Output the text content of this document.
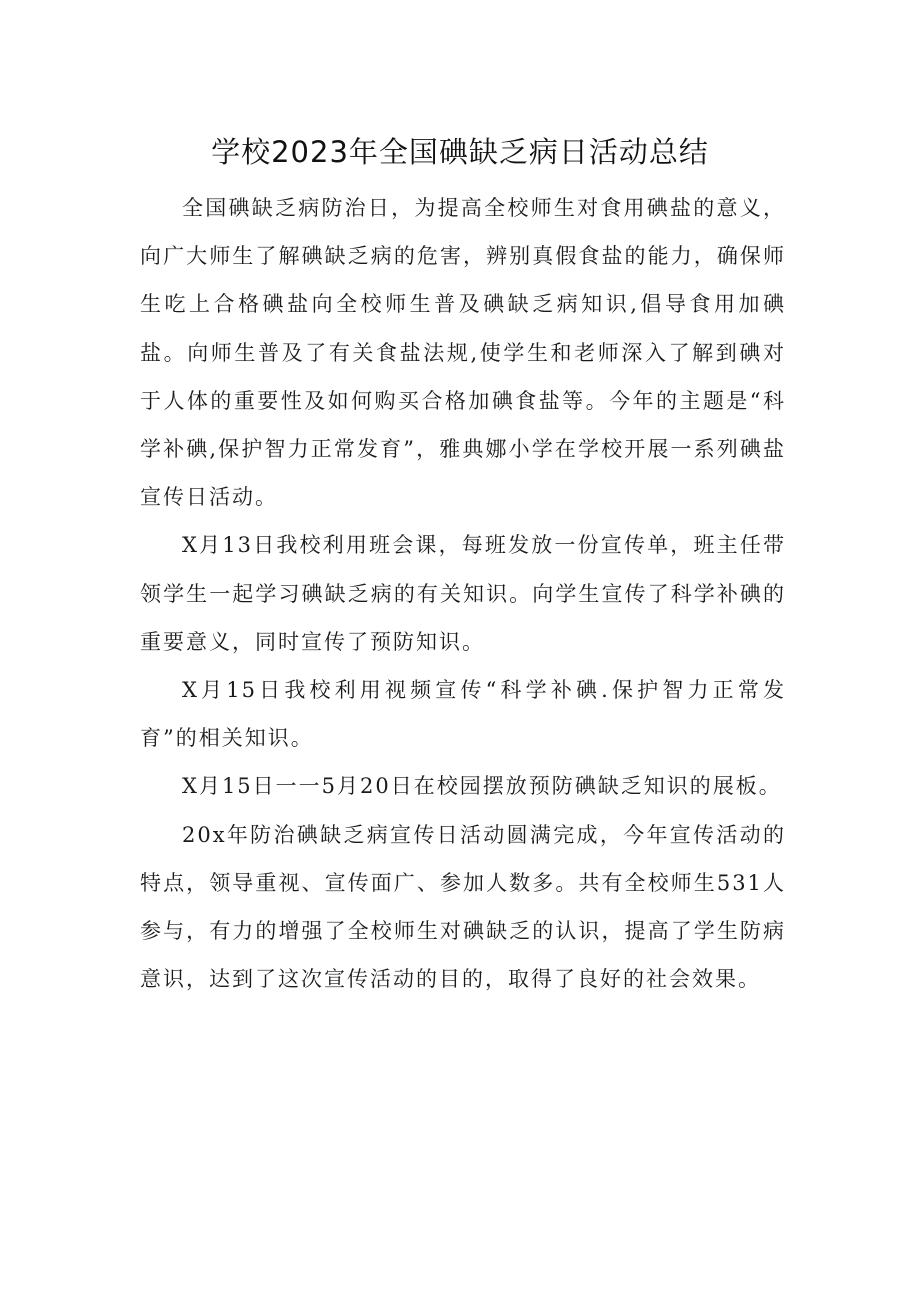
学校2023年全国碘缺乏病日活动总结

全国碘缺乏病防治日，为提高全校师生对食用碘盐的意义，向广大师生了解碘缺乏病的危害，辨别真假食盐的能力，确保师生吃上合格碘盐向全校师生普及碘缺乏病知识,倡导食用加碘盐。向师生普及了有关食盐法规,使学生和老师深入了解到碘对于人体的重要性及如何购买合格加碘食盐等。今年的主题是“科学补碘,保护智力正常发育”，雅典娜小学在学校开展一系列碘盐宣传日活动。

X月13日我校利用班会课，每班发放一份宣传单，班主任带领学生一起学习碘缺乏病的有关知识。向学生宣传了科学补碘的重要意义，同时宣传了预防知识。

X月15日我校利用视频宣传“科学补碘.保护智力正常发育”的相关知识。

X月15日一一5月20日在校园摆放预防碘缺乏知识的展板。

20x年防治碘缺乏病宣传日活动圆满完成，今年宣传活动的特点，领导重视、宣传面广、参加人数多。共有全校师生531人参与，有力的增强了全校师生对碘缺乏的认识，提高了学生防病意识，达到了这次宣传活动的目的，取得了良好的社会效果。
